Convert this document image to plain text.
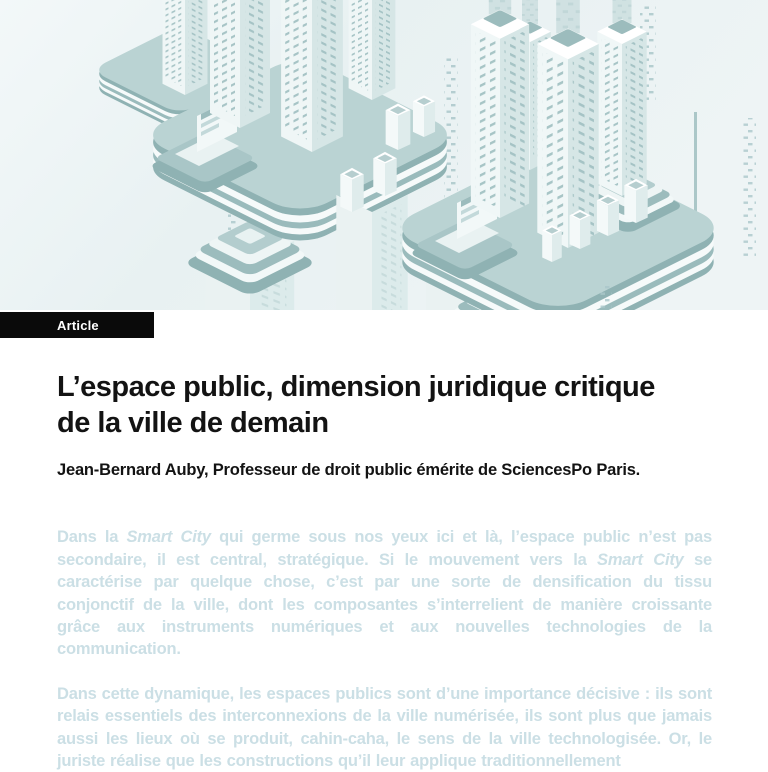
Article
L’espace public, dimension juridique critique
de la ville de demain
Jean-Bernard Auby, Professeur de droit public émérite de SciencesPo Paris.

Dans la Smart City qui germe sous nos yeux ici et là, l’espace public n’est pas secondaire, il est central, stratégique. Si le mouvement vers la Smart City se caractérise par quelque chose, c’est par une sorte de densification du tissu conjonctif de la ville, dont les composantes s’interrelient de manière croissante grâce aux instruments numériques et aux nouvelles technologies de la communication.

Dans cette dynamique, les espaces publics sont d’une importance décisive : ils sont relais essentiels des interconnexions de la ville numérisée, ils sont plus que jamais aussi les lieux où se produit, cahin-caha, le sens de la ville technologisée. Or, le juriste réalise que les constructions qu’il leur applique traditionnellement
